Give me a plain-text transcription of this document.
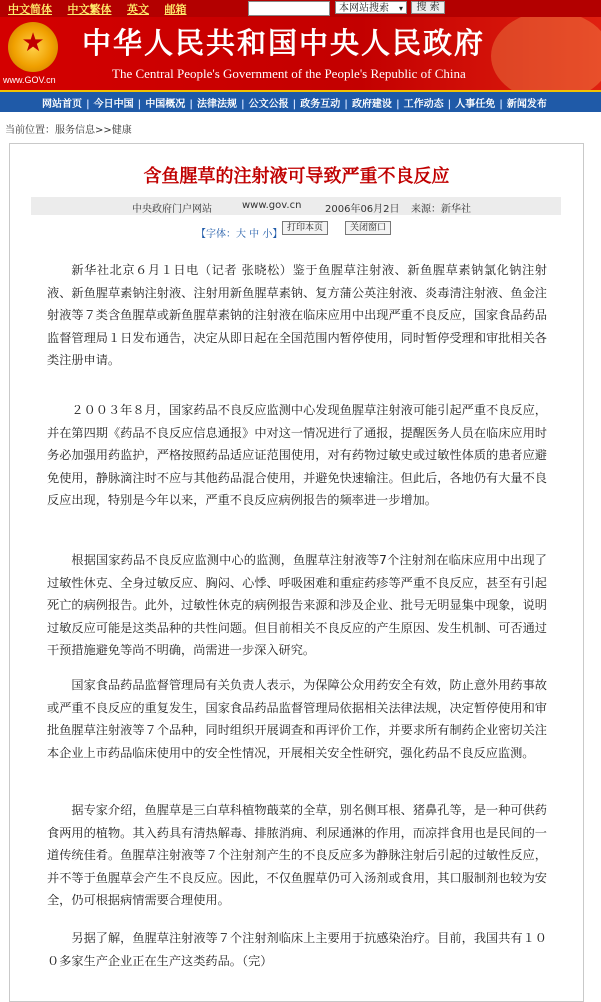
中文简体 中文繁体 英文 邮箱	本网站搜索 ▾	搜 索
★
www.GOV.cn
中华人民共和国中央人民政府
The Central People's Government of the People's Republic of China
网站首页 | 今日中国 | 中国概况 | 法律法规 | 公文公报 | 政务互动 | 政府建设 | 工作动态 | 人事任免 | 新闻发布
当前位置：服务信息>>健康
含鱼腥草的注射液可导致严重不良反应
中央政府门户网站	www.gov.cn 2006年06月2日 来源：新华社
【字体：大 中 小】
打印本页	关闭窗口

新华社北京６月１日电（记者 张晓松）鉴于鱼腥草注射液、新鱼腥草素钠氯化钠注射液、新鱼腥草素钠注射液、注射用新鱼腥草素钠、复方蒲公英注射液、炎毒清注射液、鱼金注射液等７类含鱼腥草或新鱼腥草素钠的注射液在临床应用中出现严重不良反应，国家食品药品监督管理局１日发布通告，决定从即日起在全国范围内暂停使用，同时暂停受理和审批相关各类注册申请。

２００３年８月，国家药品不良反应监测中心发现鱼腥草注射液可能引起严重不良反应，并在第四期《药品不良反应信息通报》中对这一情况进行了通报，提醒医务人员在临床应用时务必加强用药监护，严格按照药品适应证范围使用，对有药物过敏史或过敏性体质的患者应避免使用，静脉滴注时不应与其他药品混合使用，并避免快速输注。但此后，各地仍有大量不良反应出现，特别是今年以来，严重不良反应病例报告的频率进一步增加。

根据国家药品不良反应监测中心的监测，鱼腥草注射液等7个注射剂在临床应用中出现了过敏性休克、全身过敏反应、胸闷、心悸、呼吸困难和重症药疹等严重不良反应，甚至有引起死亡的病例报告。此外，过敏性休克的病例报告来源和涉及企业、批号无明显集中现象，说明过敏反应可能是这类品种的共性问题。但目前相关不良反应的产生原因、发生机制、可否通过干预措施避免等尚不明确，尚需进一步深入研究。

国家食品药品监督管理局有关负责人表示，为保障公众用药安全有效，防止意外用药事故或严重不良反应的重复发生，国家食品药品监督管理局依据相关法律法规，决定暂停使用和审批鱼腥草注射液等７个品种，同时组织开展调查和再评价工作，并要求所有制药企业密切关注本企业上市药品临床使用中的安全性情况，开展相关安全性研究，强化药品不良反应监测。

据专家介绍，鱼腥草是三白草科植物蕺菜的全草，别名侧耳根、猪鼻孔等，是一种可供药食两用的植物。其入药具有清热解毒、排脓消痈、利尿通淋的作用，而凉拌食用也是民间的一道传统佳肴。鱼腥草注射液等７个注射剂产生的不良反应多为静脉注射后引起的过敏性反应，并不等于鱼腥草会产生不良反应。因此，不仅鱼腥草仍可入汤剂或食用，其口服制剂也较为安全，仍可根据病情需要合理使用。

另据了解，鱼腥草注射液等７个注射剂临床上主要用于抗感染治疗。目前，我国共有１００多家生产企业正在生产这类药品。（完）
